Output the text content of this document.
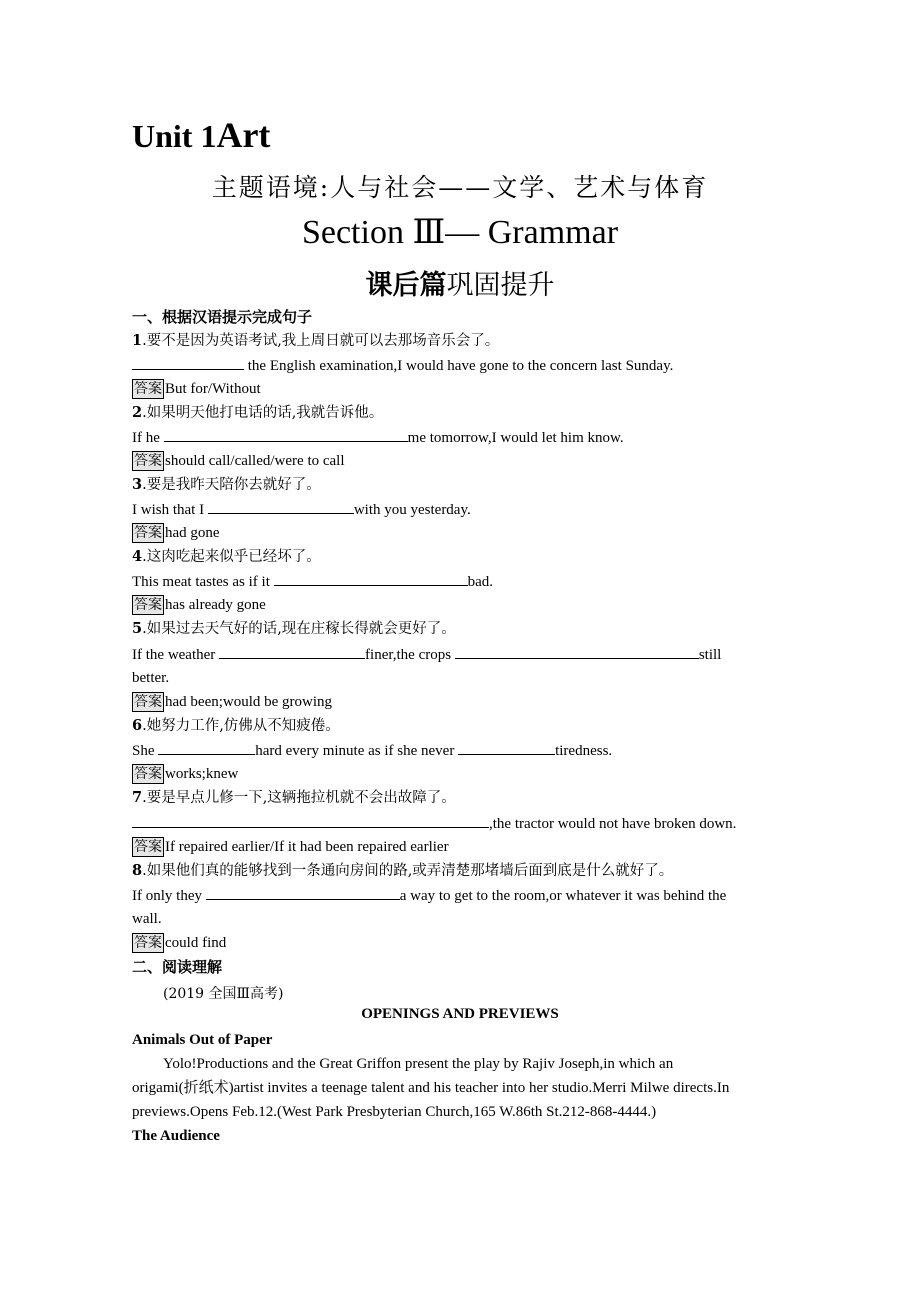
Unit 1Art
主题语境:人与社会——文学、艺术与体育
Section Ⅲ— Grammar
课后篇巩固提升
一、根据汉语提示完成句子
1.要不是因为英语考试,我上周日就可以去那场音乐会了。
the English examination,I would have gone to the concern last Sunday.
答案 But for/Without
2.如果明天他打电话的话,我就告诉他。
If he	me tomorrow,I would let him know.
答案 should call/called/were to call
3.要是我昨天陪你去就好了。
I wish that I	with you yesterday.
答案 had gone
4.这肉吃起来似乎已经坏了。
This meat tastes as if it	bad.
答案 has already gone
5.如果过去天气好的话,现在庄稼长得就会更好了。
If the weather	finer,the crops	still
better.
答案 had been;would be growing
6.她努力工作,仿佛从不知疲倦。
She	hard every minute as if she never	tiredness.
答案 works;knew
7.要是早点儿修一下,这辆拖拉机就不会出故障了。
,the tractor would not have broken down.
答案 If repaired earlier/If it had been repaired earlier
8.如果他们真的能够找到一条通向房间的路,或弄清楚那堵墙后面到底是什么就好了。
If only they	a way to get to the room,or whatever it was behind the
wall.
答案 could find
二、阅读理解
(2019 全国Ⅲ高考)
OPENINGS AND PREVIEWS
Animals Out of Paper
Yolo!Productions and the Great Griffon present the play by Rajiv Joseph,in which an
origami(折纸术)artist invites a teenage talent and his teacher into her studio.Merri Milwe directs.In
previews.Opens Feb.12.(West Park Presbyterian Church,165 W.86th St.212-868-4444.)
The Audience
